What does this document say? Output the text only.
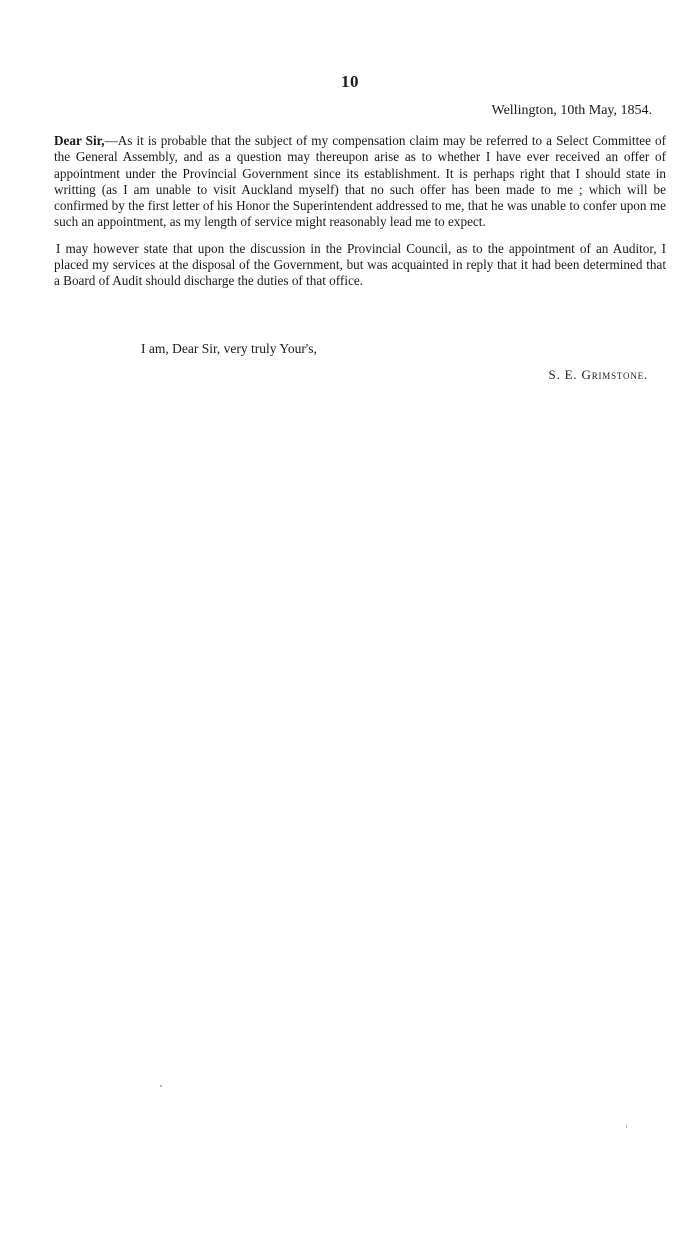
10
Wellington, 10th May, 1854.

Dear Sir,—As it is probable that the subject of my compensation claim may be referred to a Select Committee of the General Assembly, and as a question may thereupon arise as to whether I have ever received an offer of appointment under the Provincial Government since its establishment. It is perhaps right that I should state in writting (as I am unable to visit Auckland myself) that no such offer has been made to me ; which will be confirmed by the first letter of his Honor the Superintendent addressed to me, that he was unable to confer upon me such an appointment, as my length of service might reasonably lead me to expect.

I may however state that upon the discussion in the Provincial Council, as to the appointment of an Auditor, I placed my services at the disposal of the Government, but was acquainted in reply that it had been determined that a Board of Audit should discharge the duties of that office.

I am, Dear Sir, very truly Your's,
S. E. Grimstone.
